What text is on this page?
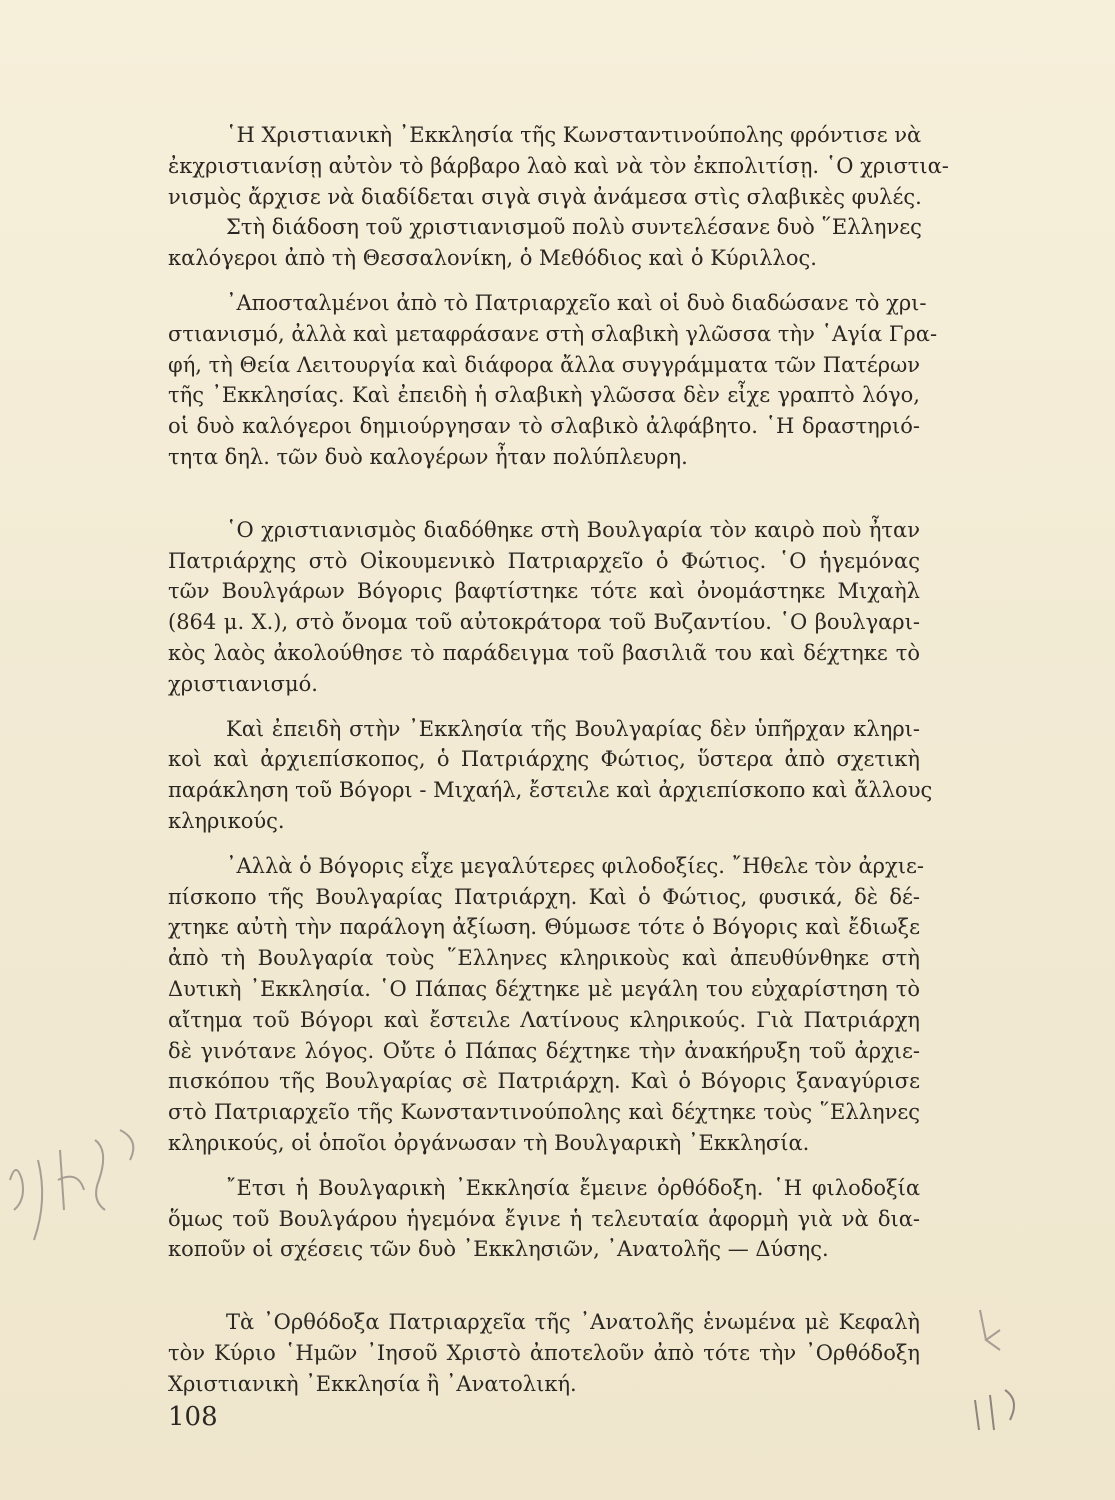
῾Η Χριστιανικὴ ᾿Εκκλησία τῆς Κωνσταντινούπολης φρόντισε νὰ
ἐκχριστιανίσῃ αὐτὸν τὸ βάρβαρο λαὸ καὶ νὰ τὸν ἐκπολιτίσῃ. ῾Ο χριστια-
νισμὸς ἄρχισε νὰ διαδίδεται σιγὰ σιγὰ ἀνάμεσα στὶς σλαβικὲς φυλές.
Στὴ διάδοση τοῦ χριστιανισμοῦ πολὺ συντελέσανε δυὸ ῞Ελληνες
καλόγεροι ἀπὸ τὴ Θεσσαλονίκη, ὁ Μεθόδιος καὶ ὁ Κύριλλος.
᾿Αποσταλμένοι ἀπὸ τὸ Πατριαρχεῖο καὶ οἱ δυὸ διαδώσανε τὸ χρι-
στιανισμό, ἀλλὰ καὶ μεταφράσανε στὴ σλαβικὴ γλῶσσα τὴν ῾Αγία Γρα-
φή, τὴ Θεία Λειτουργία καὶ διάφορα ἄλλα συγγράμματα τῶν Πατέρων
τῆς ᾿Εκκλησίας. Καὶ ἐπειδὴ ἡ σλαβικὴ γλῶσσα δὲν εἶχε γραπτὸ λόγο,
οἱ δυὸ καλόγεροι δημιούργησαν τὸ σλαβικὸ ἀλφάβητο. ῾Η δραστηριό-
τητα δηλ. τῶν δυὸ καλογέρων ἦταν πολύπλευρη.
῾Ο χριστιανισμὸς διαδόθηκε στὴ Βουλγαρία τὸν καιρὸ ποὺ ἦταν
Πατριάρχης στὸ Οἰκουμενικὸ Πατριαρχεῖο ὁ Φώτιος. ῾Ο ἡγεμόνας
τῶν Βουλγάρων Βόγορις βαφτίστηκε τότε καὶ ὀνομάστηκε Μιχαὴλ
(864 μ. Χ.), στὸ ὄνομα τοῦ αὐτοκράτορα τοῦ Βυζαντίου. ῾Ο βουλγαρι-
κὸς λαὸς ἀκολούθησε τὸ παράδειγμα τοῦ βασιλιᾶ του καὶ δέχτηκε τὸ
χριστιανισμό.
Καὶ ἐπειδὴ στὴν ᾿Εκκλησία τῆς Βουλγαρίας δὲν ὑπῆρχαν κληρι-
κοὶ καὶ ἀρχιεπίσκοπος, ὁ Πατριάρχης Φώτιος, ὕστερα ἀπὸ σχετικὴ
παράκληση τοῦ Βόγορι - Μιχαήλ, ἔστειλε καὶ ἀρχιεπίσκοπο καὶ ἄλλους
κληρικούς.
᾿Αλλὰ ὁ Βόγορις εἶχε μεγαλύτερες φιλοδοξίες. ῎Ηθελε τὸν ἀρχιε-
πίσκοπο τῆς Βουλγαρίας Πατριάρχη. Καὶ ὁ Φώτιος, φυσικά, δὲ δέ-
χτηκε αὐτὴ τὴν παράλογη ἀξίωση. Θύμωσε τότε ὁ Βόγορις καὶ ἔδιωξε
ἀπὸ τὴ Βουλγαρία τοὺς ῞Ελληνες κληρικοὺς καὶ ἀπευθύνθηκε στὴ
Δυτικὴ ᾿Εκκλησία. ῾Ο Πάπας δέχτηκε μὲ μεγάλη του εὐχαρίστηση τὸ
αἴτημα τοῦ Βόγορι καὶ ἔστειλε Λατίνους κληρικούς. Γιὰ Πατριάρχη
δὲ γινότανε λόγος. Οὔτε ὁ Πάπας δέχτηκε τὴν ἀνακήρυξη τοῦ ἀρχιε-
πισκόπου τῆς Βουλγαρίας σὲ Πατριάρχη. Καὶ ὁ Βόγορις ξαναγύρισε
στὸ Πατριαρχεῖο τῆς Κωνσταντινούπολης καὶ δέχτηκε τοὺς ῞Ελληνες
κληρικούς, οἱ ὁποῖοι ὀργάνωσαν τὴ Βουλγαρικὴ ᾿Εκκλησία.
῎Ετσι ἡ Βουλγαρικὴ ᾿Εκκλησία ἔμεινε ὀρθόδοξη. ῾Η φιλοδοξία
ὅμως τοῦ Βουλγάρου ἡγεμόνα ἔγινε ἡ τελευταία ἀφορμὴ γιὰ νὰ δια-
κοποῦν οἱ σχέσεις τῶν δυὸ ᾿Εκκλησιῶν, ᾿Ανατολῆς — Δύσης.
Τὰ ᾿Ορθόδοξα Πατριαρχεῖα τῆς ᾿Ανατολῆς ἑνωμένα μὲ Κεφαλὴ
τὸν Κύριο ῾Ημῶν ᾿Ιησοῦ Χριστὸ ἀποτελοῦν ἀπὸ τότε τὴν ᾿Ορθόδοξη
Χριστιανικὴ ᾿Εκκλησία ἢ ᾿Ανατολική.
108
